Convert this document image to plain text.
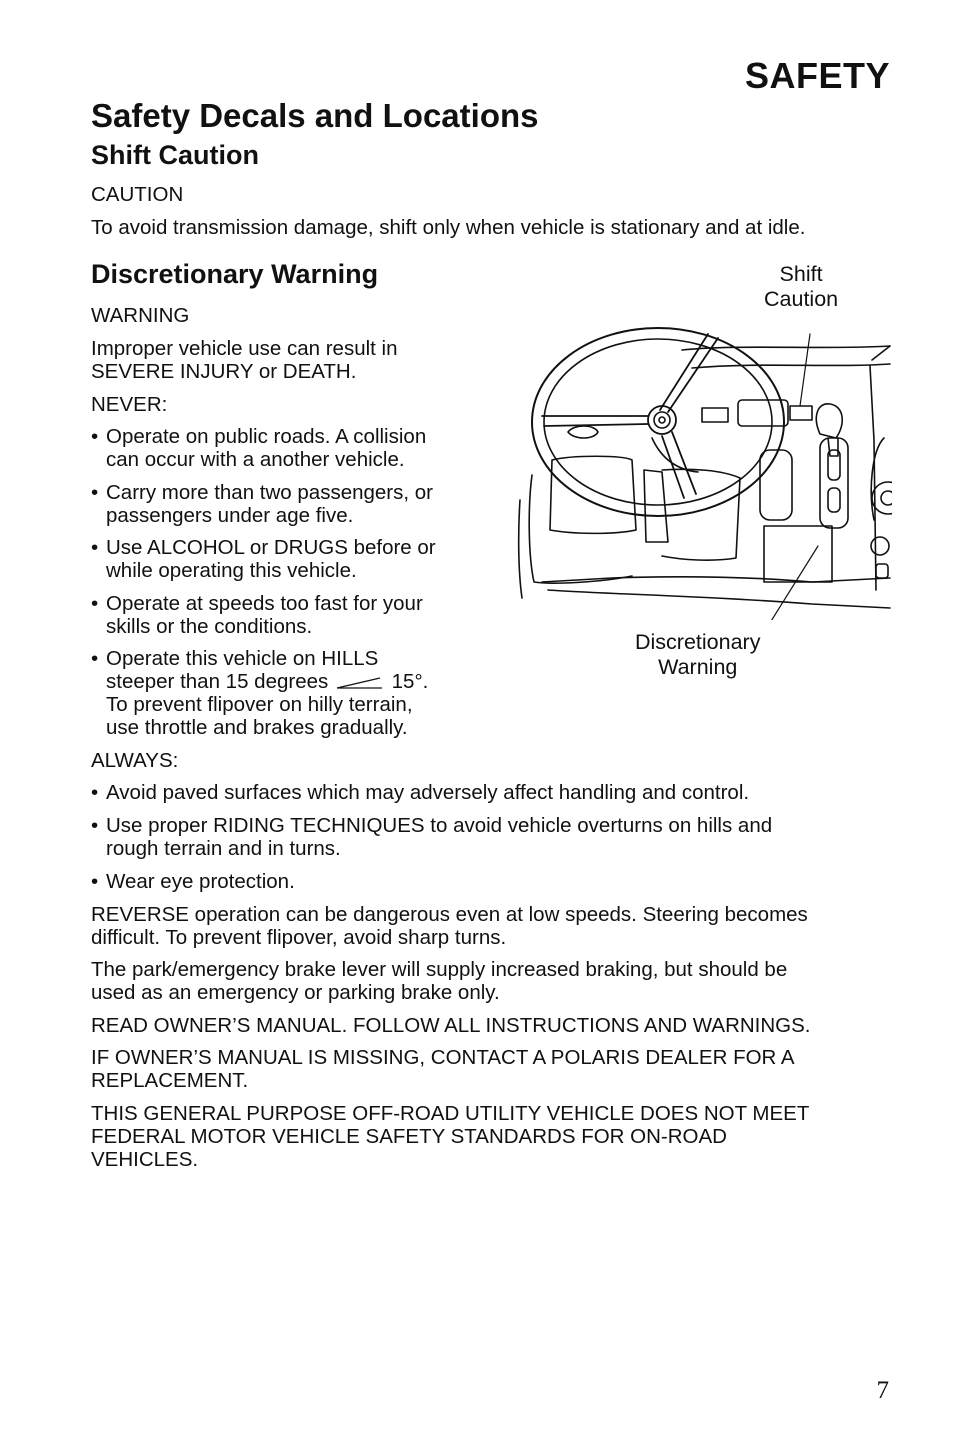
SAFETY
Safety Decals and Locations
Shift Caution

CAUTION

To avoid transmission damage, shift only when vehicle is stationary and at idle.

Discretionary Warning

WARNING

Improper vehicle use can result in
SEVERE INJURY or DEATH.

NEVER:

• Operate on public roads. A collision
can occur with a another vehicle.
• Carry more than two passengers, or
passengers under age five.
• Use ALCOHOL or DRUGS before or
while operating this vehicle.
• Operate at speeds too fast for your
skills or the conditions.
• Operate this vehicle on HILLS
steeper than 15 degrees	15°.
To prevent flipover on hilly terrain,
use throttle and brakes gradually.

ALWAYS:

• Avoid paved surfaces which may adversely affect handling and control.
• Use proper RIDING TECHNIQUES to avoid vehicle overturns on hills and
rough terrain and in turns.
• Wear eye protection.

REVERSE operation can be dangerous even at low speeds. Steering becomes
difficult. To prevent flipover, avoid sharp turns.

The park/emergency brake lever will supply increased braking, but should be
used as an emergency or parking brake only.

READ OWNER’S MANUAL. FOLLOW ALL INSTRUCTIONS AND WARNINGS.

IF OWNER’S MANUAL IS MISSING, CONTACT A POLARIS DEALER FOR A
REPLACEMENT.

THIS GENERAL PURPOSE OFF-ROAD UTILITY VEHICLE DOES NOT MEET
FEDERAL MOTOR VEHICLE SAFETY STANDARDS FOR ON-ROAD
VEHICLES.

Shift
Caution
Discretionary
Warning
7
